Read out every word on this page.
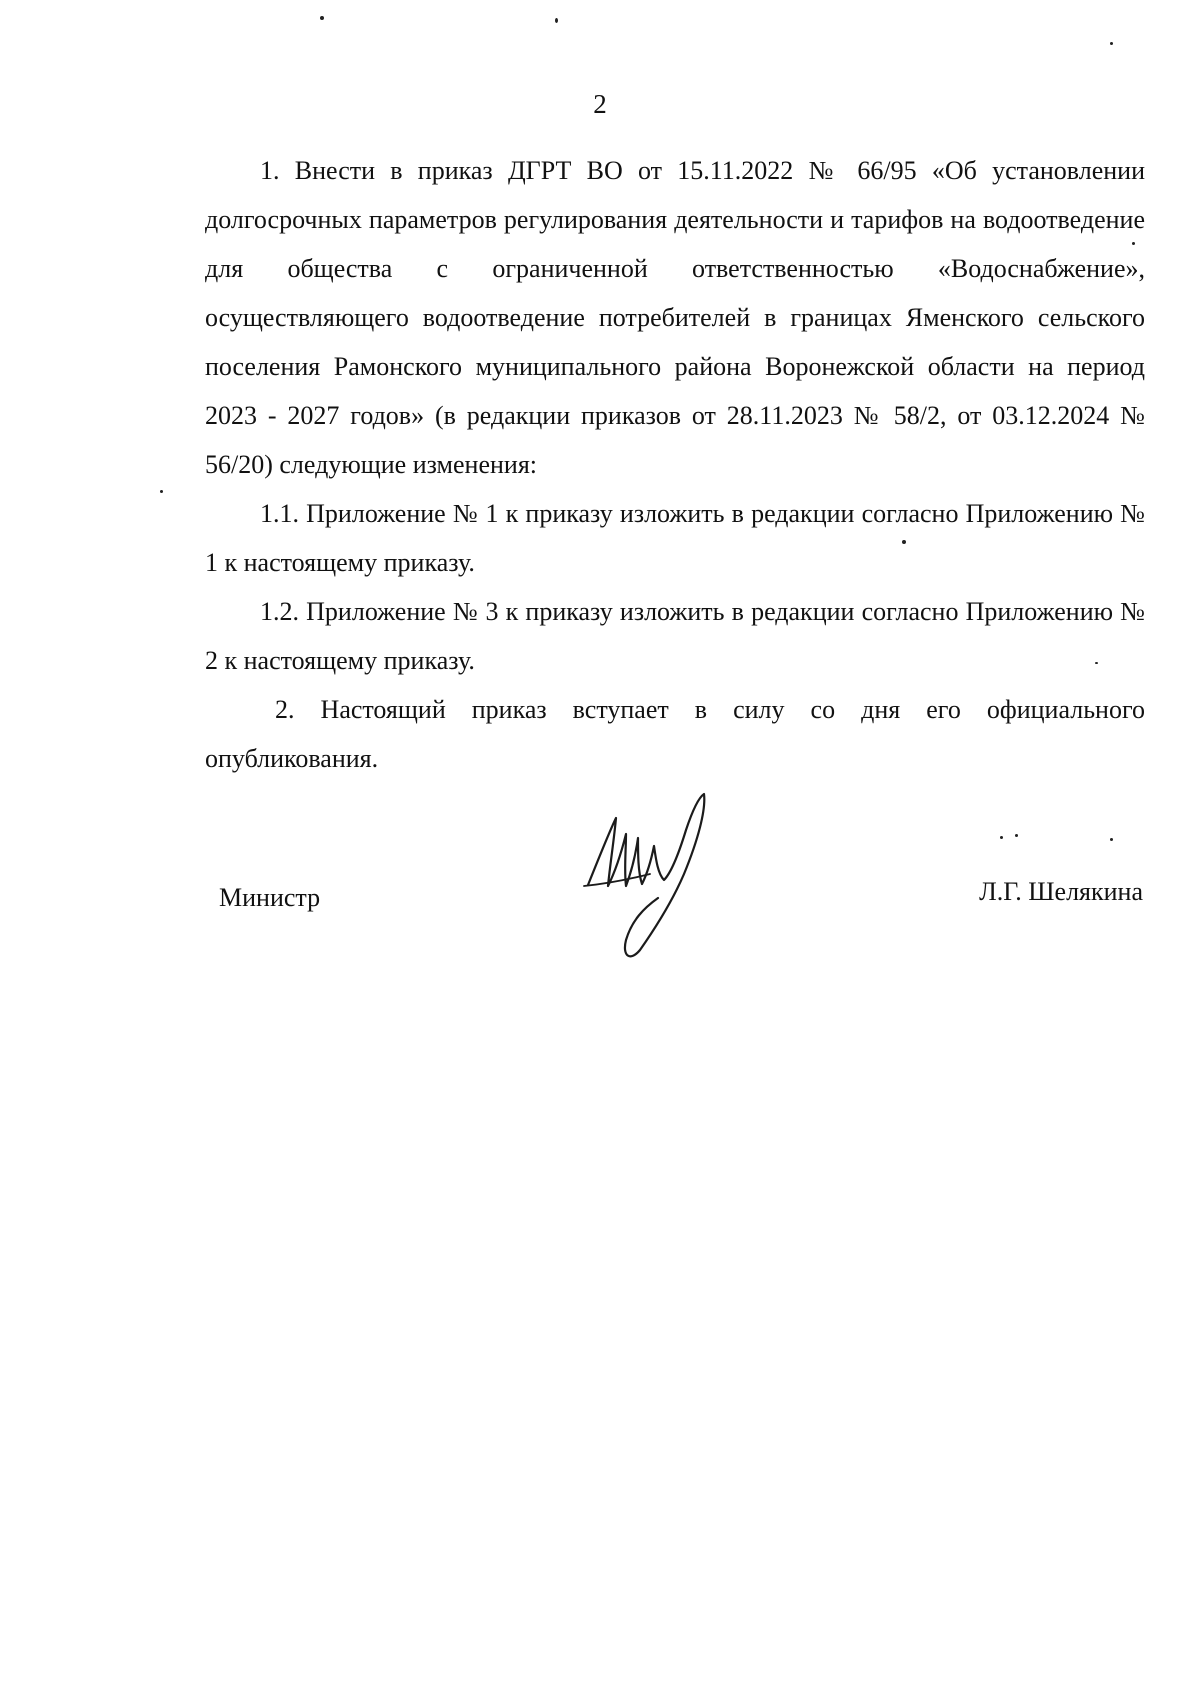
2

1. Внести в приказ ДГРТ ВО от 15.11.2022 № 66/95 «Об установлении долгосрочных параметров регулирования деятельности и тарифов на водоотведение для общества с ограниченной ответственностью «Водоснабжение», осуществляющего водоотведение потребителей в границах Яменского сельского поселения Рамонского муниципального района Воронежской области на период 2023 - 2027 годов» (в редакции приказов от 28.11.2023 № 58/2, от 03.12.2024 № 56/20) следующие изменения:

1.1. Приложение № 1 к приказу изложить в редакции согласно Приложению № 1 к настоящему приказу.

1.2. Приложение № 3 к приказу изложить в редакции согласно Приложению № 2 к настоящему приказу.

2. Настоящий приказ вступает в силу со дня его официального опубликования.

Министр	Л.Г. Шелякина
